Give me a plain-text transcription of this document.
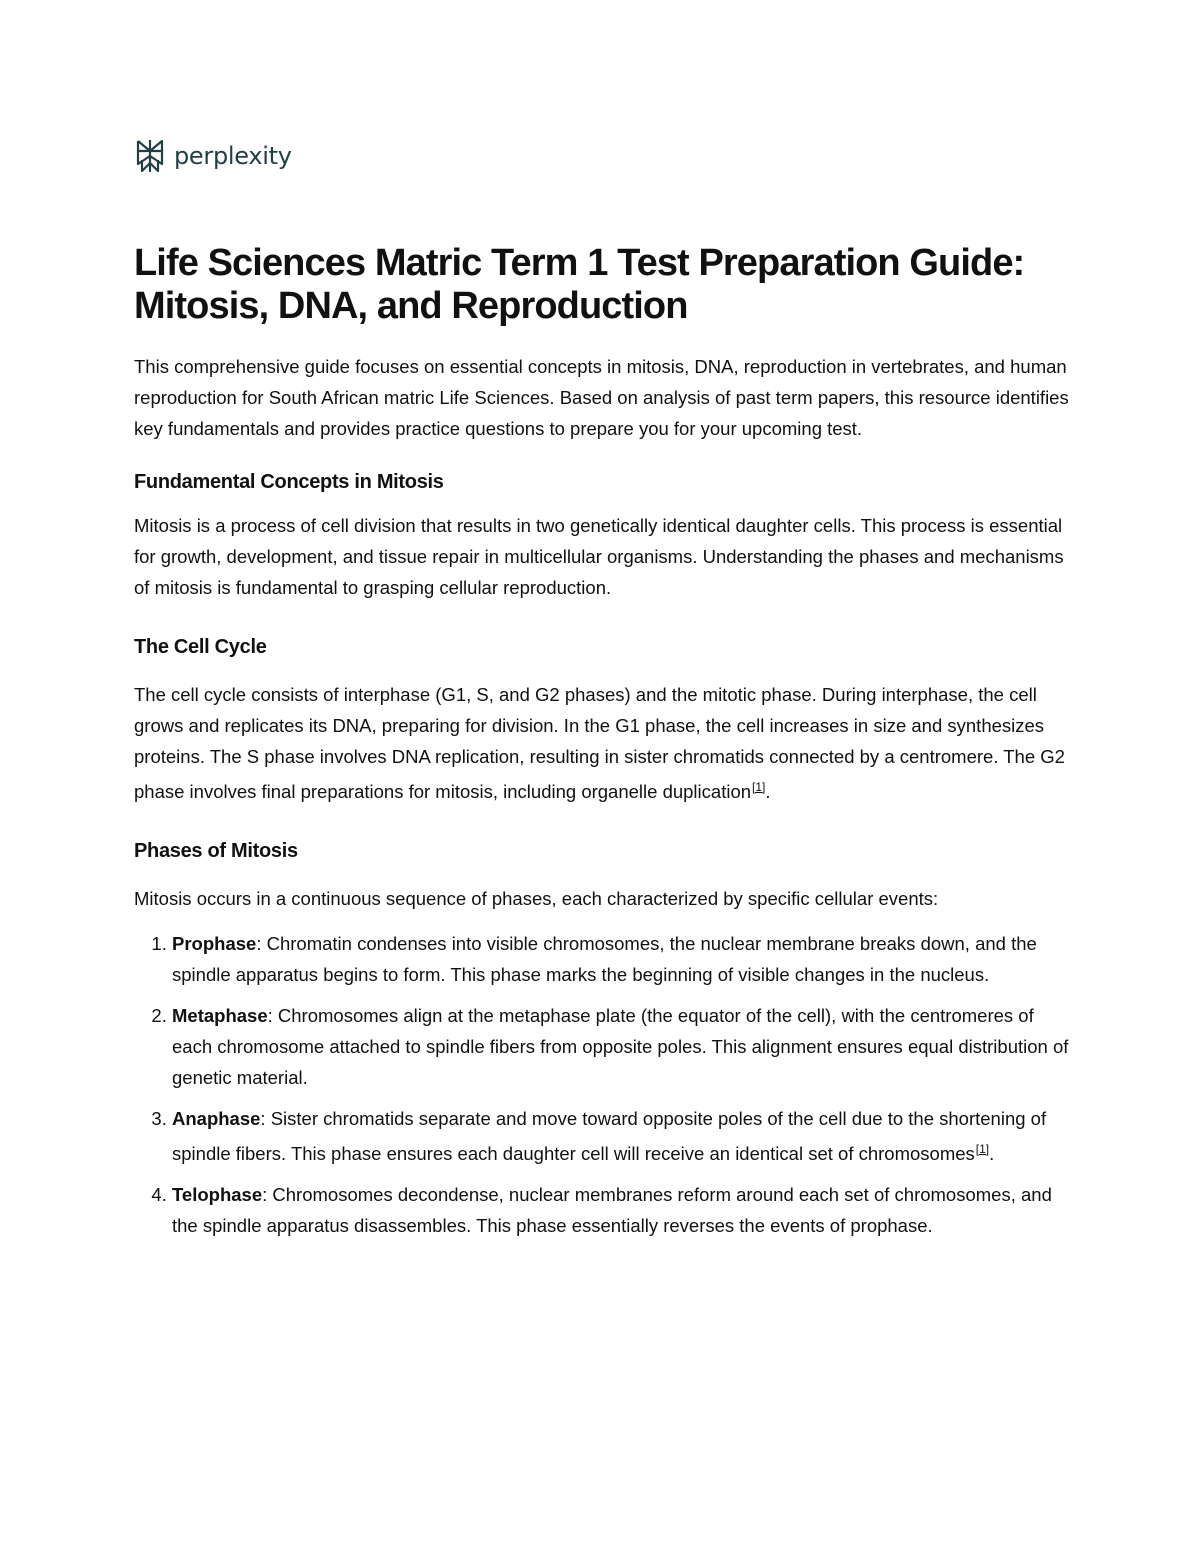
perplexity
Life Sciences Matric Term 1 Test Preparation Guide: Mitosis, DNA, and Reproduction

This comprehensive guide focuses on essential concepts in mitosis, DNA, reproduction in vertebrates, and human reproduction for South African matric Life Sciences. Based on analysis of past term papers, this resource identifies key fundamentals and provides practice questions to prepare you for your upcoming test.

Fundamental Concepts in Mitosis

Mitosis is a process of cell division that results in two genetically identical daughter cells. This process is essential for growth, development, and tissue repair in multicellular organisms. Understanding the phases and mechanisms of mitosis is fundamental to grasping cellular reproduction.

The Cell Cycle

The cell cycle consists of interphase (G1, S, and G2 phases) and the mitotic phase. During interphase, the cell grows and replicates its DNA, preparing for division. In the G1 phase, the cell increases in size and synthesizes proteins. The S phase involves DNA replication, resulting in sister chromatids connected by a centromere. The G2 phase involves final preparations for mitosis, including organelle duplication[1].

Phases of Mitosis

Mitosis occurs in a continuous sequence of phases, each characterized by specific cellular events:

1. Prophase: Chromatin condenses into visible chromosomes, the nuclear membrane breaks down, and the spindle apparatus begins to form. This phase marks the beginning of visible changes in the nucleus.
2. Metaphase: Chromosomes align at the metaphase plate (the equator of the cell), with the centromeres of each chromosome attached to spindle fibers from opposite poles. This alignment ensures equal distribution of genetic material.
3. Anaphase: Sister chromatids separate and move toward opposite poles of the cell due to the shortening of spindle fibers. This phase ensures each daughter cell will receive an identical set of chromosomes[1].
4. Telophase: Chromosomes decondense, nuclear membranes reform around each set of chromosomes, and the spindle apparatus disassembles. This phase essentially reverses the events of prophase.
